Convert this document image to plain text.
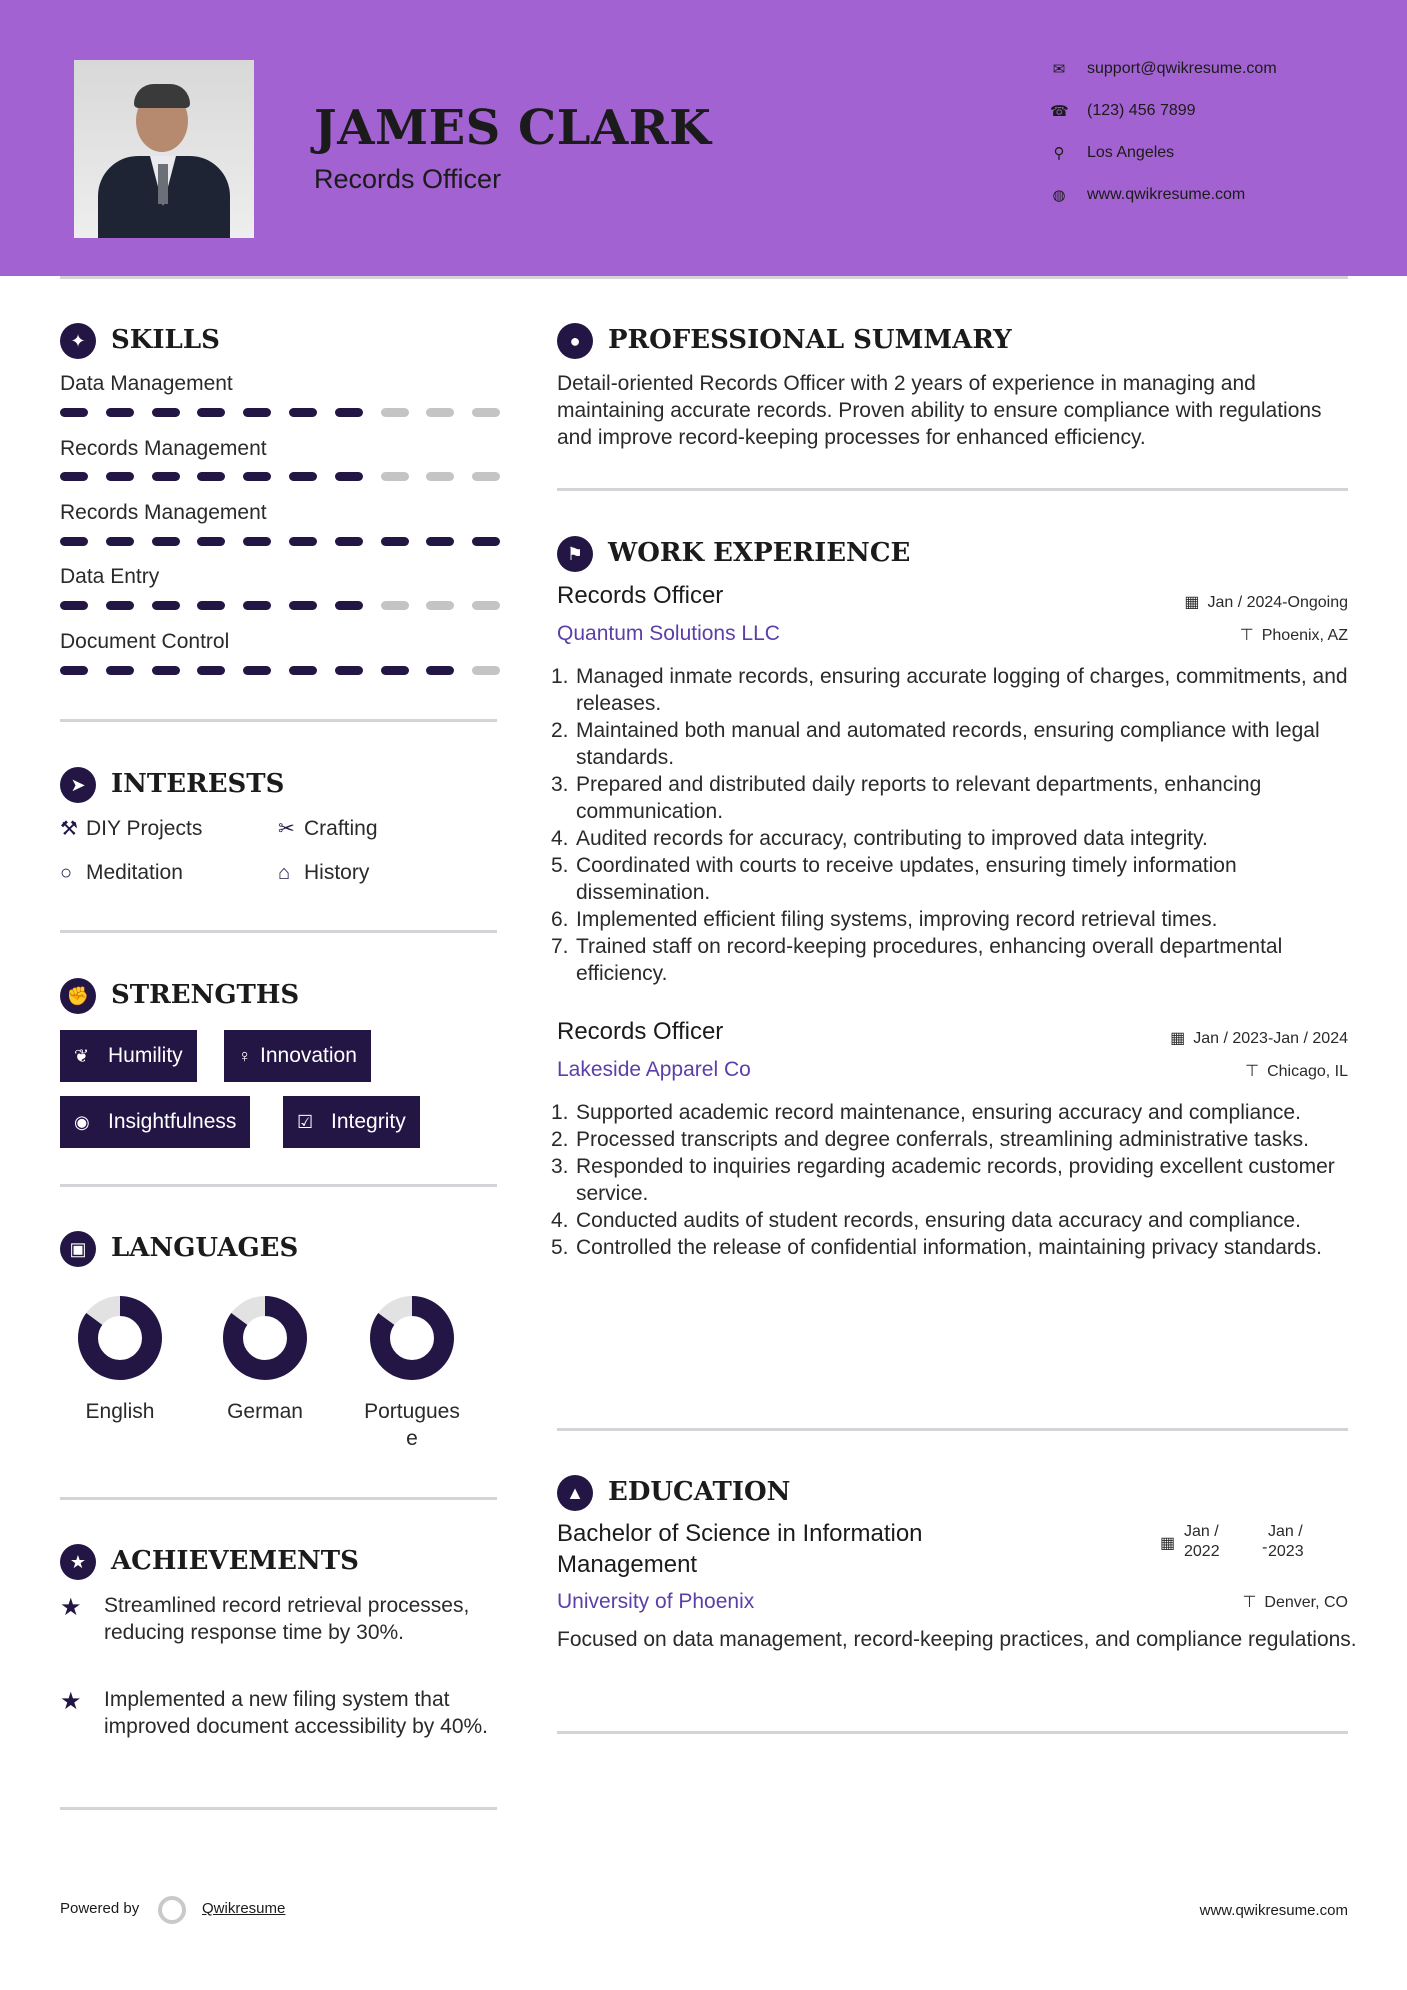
JAMES CLARK
Records Officer
✉ support@qwikresume.com
☎ (123) 456 7899
⚲ Los Angeles
◍ www.qwikresume.com
✦ SKILLS
Data Management
Records Management
Records Management
Data Entry
Document Control
➤ INTERESTS
⚒ DIY Projects	✂ Crafting
○ Meditation	⌂ History
✊ STRENGTHS
❦ Humility	♀ Innovation
◉ Insightfulness	☑ Integrity
▣ LANGUAGES
English	German	Portugues
e
★ ACHIEVEMENTS
★ Streamlined record retrieval processes, reducing response time by 30%.
★ Implemented a new filing system that improved document accessibility by 40%.
●	PROFESSIONAL SUMMARY
Detail-oriented Records Officer with 2 years of experience in managing and maintaining accurate records. Proven ability to ensure compliance with regulations and improve record-keeping processes for enhanced efficiency.
⚑ WORK EXPERIENCE
Records Officer	▦ Jan / 2024-Ongoing
Quantum Solutions LLC	⊤ Phoenix, AZ
1. Managed inmate records, ensuring accurate logging of charges, commitments, and releases.
2. Maintained both manual and automated records, ensuring compliance with legal standards.
3. Prepared and distributed daily reports to relevant departments, enhancing communication.
4. Audited records for accuracy, contributing to improved data integrity.
5. Coordinated with courts to receive updates, ensuring timely information dissemination.
6. Implemented efficient filing systems, improving record retrieval times.
7. Trained staff on record-keeping procedures, enhancing overall departmental efficiency.
Records Officer	▦ Jan / 2023-Jan / 2024
Lakeside Apparel Co	⊤ Chicago, IL
1. Supported academic record maintenance, ensuring accuracy and compliance.
2. Processed transcripts and degree conferrals, streamlining administrative tasks.
3. Responded to inquiries regarding academic records, providing excellent customer service.
4. Conducted audits of student records, ensuring data accuracy and compliance.
5. Controlled the release of confidential information, maintaining privacy standards.
▲ EDUCATION
Bachelor of Science in Information Management
▦
Jan / 2022	-
Jan / 2023
University of Phoenix	⊤ Denver, CO
Focused on data management, record-keeping practices, and compliance regulations.
Powered by	Qwikresume	www.qwikresume.com
